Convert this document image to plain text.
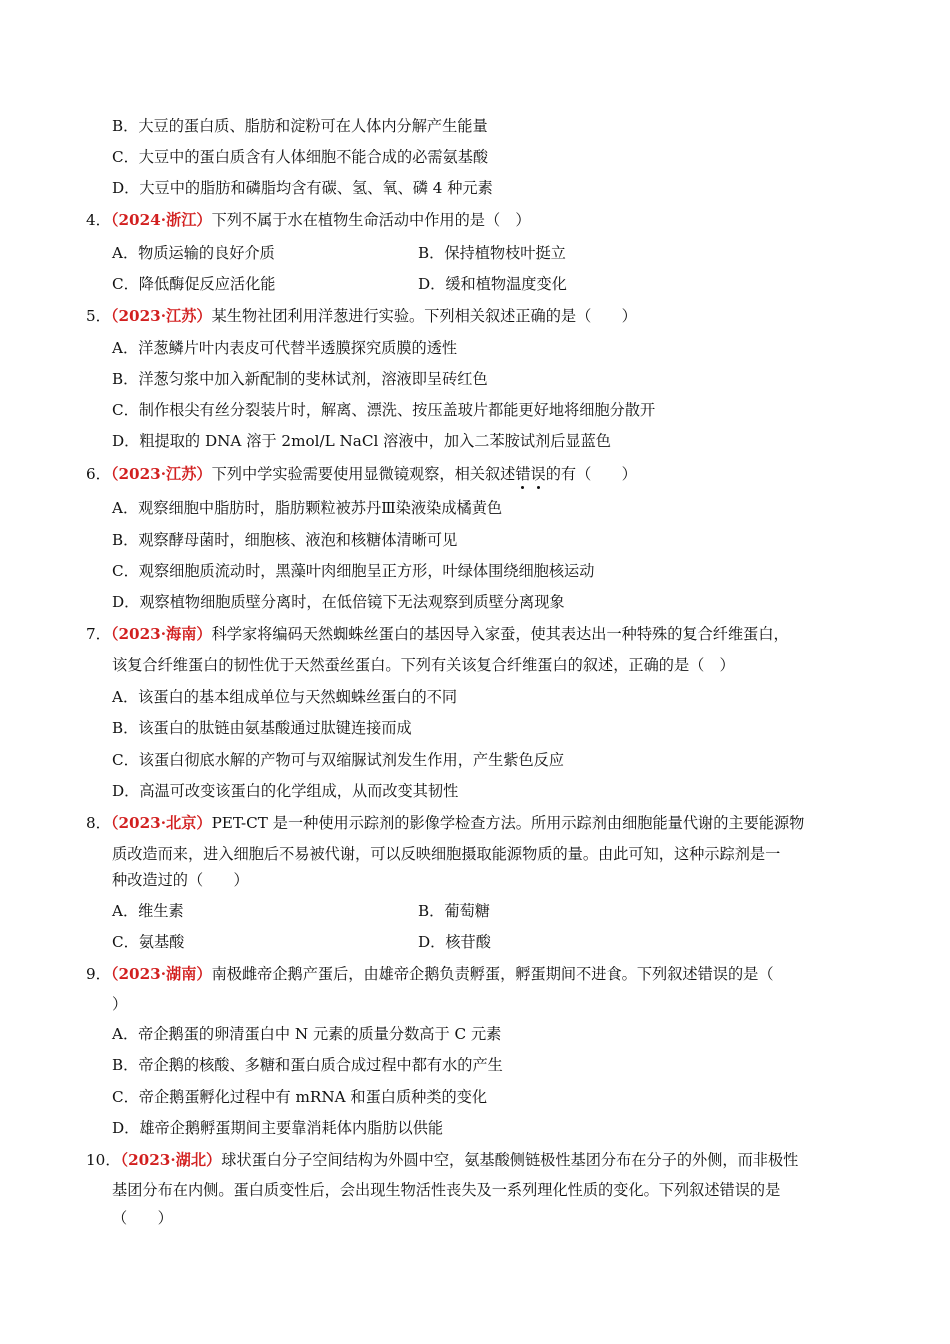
B．大豆的蛋白质、脂肪和淀粉可在人体内分解产生能量
C．大豆中的蛋白质含有人体细胞不能合成的必需氨基酸
D．大豆中的脂肪和磷脂均含有碳、氢、氧、磷 4 种元素
4．（2024·浙江）下列不属于水在植物生命活动中作用的是（　）
A．物质运输的良好介质	B．保持植物枝叶挺立
C．降低酶促反应活化能	D．缓和植物温度变化
5．（2023·江苏）某生物社团利用洋葱进行实验。下列相关叙述正确的是（　　）
A．洋葱鳞片叶内表皮可代替半透膜探究质膜的透性
B．洋葱匀浆中加入新配制的斐林试剂，溶液即呈砖红色
C．制作根尖有丝分裂装片时，解离、漂洗、按压盖玻片都能更好地将细胞分散开
D．粗提取的 DNA 溶于 2mol/L NaCl 溶液中，加入二苯胺试剂后显蓝色
6．（2023·江苏）下列中学实验需要使用显微镜观察，相关叙述错
误
的有（　　）
A．观察细胞中脂肪时，脂肪颗粒被苏丹Ⅲ染液染成橘黄色
B．观察酵母菌时，细胞核、液泡和核糖体清晰可见
C．观察细胞质流动时，黑藻叶肉细胞呈正方形，叶绿体围绕细胞核运动
D．观察植物细胞质壁分离时，在低倍镜下无法观察到质壁分离现象
7．（2023·海南）科学家将编码天然蜘蛛丝蛋白的基因导入家蚕，使其表达出一种特殊的复合纤维蛋白，
该复合纤维蛋白的韧性优于天然蚕丝蛋白。下列有关该复合纤维蛋白的叙述，正确的是（　）
A．该蛋白的基本组成单位与天然蜘蛛丝蛋白的不同
B．该蛋白的肽链由氨基酸通过肽键连接而成
C．该蛋白彻底水解的产物可与双缩脲试剂发生作用，产生紫色反应
D．高温可改变该蛋白的化学组成，从而改变其韧性
8．（2023·北京）PET-CT 是一种使用示踪剂的影像学检查方法。所用示踪剂由细胞能量代谢的主要能源物
质改造而来，进入细胞后不易被代谢，可以反映细胞摄取能源物质的量。由此可知，这种示踪剂是一
种改造过的（　　）
A．维生素	B．葡萄糖
C．氨基酸	D．核苷酸
9．（2023·湖南）南极雌帝企鹅产蛋后，由雄帝企鹅负责孵蛋，孵蛋期间不进食。下列叙述错误的是（
）
A．帝企鹅蛋的卵清蛋白中 N 元素的质量分数高于 C 元素
B．帝企鹅的核酸、多糖和蛋白质合成过程中都有水的产生
C．帝企鹅蛋孵化过程中有 mRNA 和蛋白质种类的变化
D．雄帝企鹅孵蛋期间主要靠消耗体内脂肪以供能
10．（2023·湖北）球状蛋白分子空间结构为外圆中空，氨基酸侧链极性基团分布在分子的外侧，而非极性
基团分布在内侧。蛋白质变性后，会出现生物活性丧失及一系列理化性质的变化。下列叙述错误的是
（　　）
